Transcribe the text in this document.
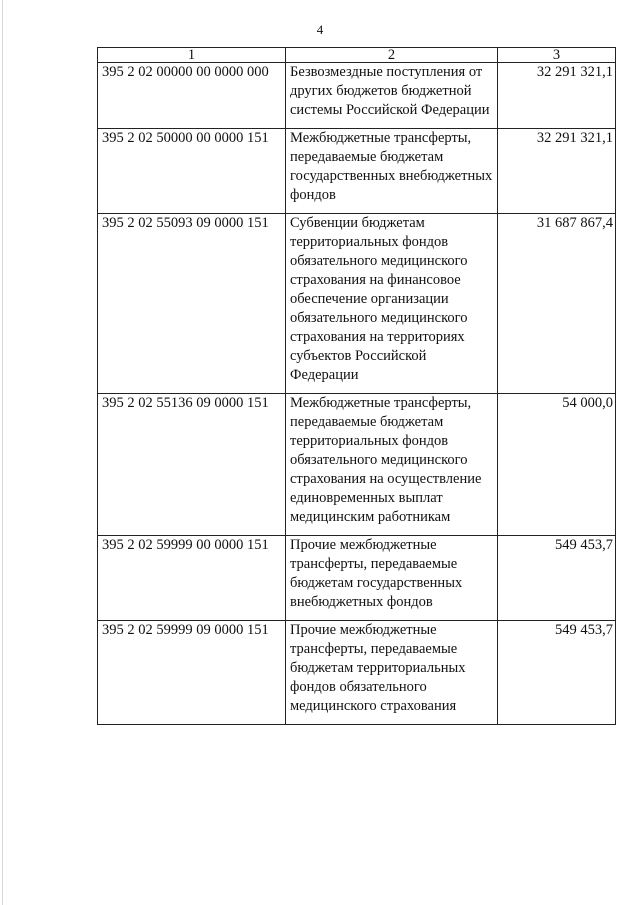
4
1	2	3
395 2 02 00000 00 0000 000	Безвозмездные поступления от других бюджетов бюджетной системы Российской Федерации	32 291 321,1
395 2 02 50000 00 0000 151	Межбюджетные трансферты, передаваемые бюджетам государственных внебюджетных фондов	32 291 321,1
395 2 02 55093 09 0000 151	Субвенции бюджетам территориальных фондов обязательного медицинского страхования на финансовое обеспечение организации обязательного медицинского страхования на территориях субъектов Российской Федерации	31 687 867,4
395 2 02 55136 09 0000 151	Межбюджетные трансферты, передаваемые бюджетам территориальных фондов обязательного медицинского страхования на осуществление единовременных выплат медицинским работникам	54 000,0
395 2 02 59999 00 0000 151	Прочие межбюджетные трансферты, передаваемые бюджетам государственных внебюджетных фондов	549 453,7
395 2 02 59999 09 0000 151	Прочие межбюджетные трансферты, передаваемые бюджетам территориальных фондов обязательного медицинского страхования	549 453,7
